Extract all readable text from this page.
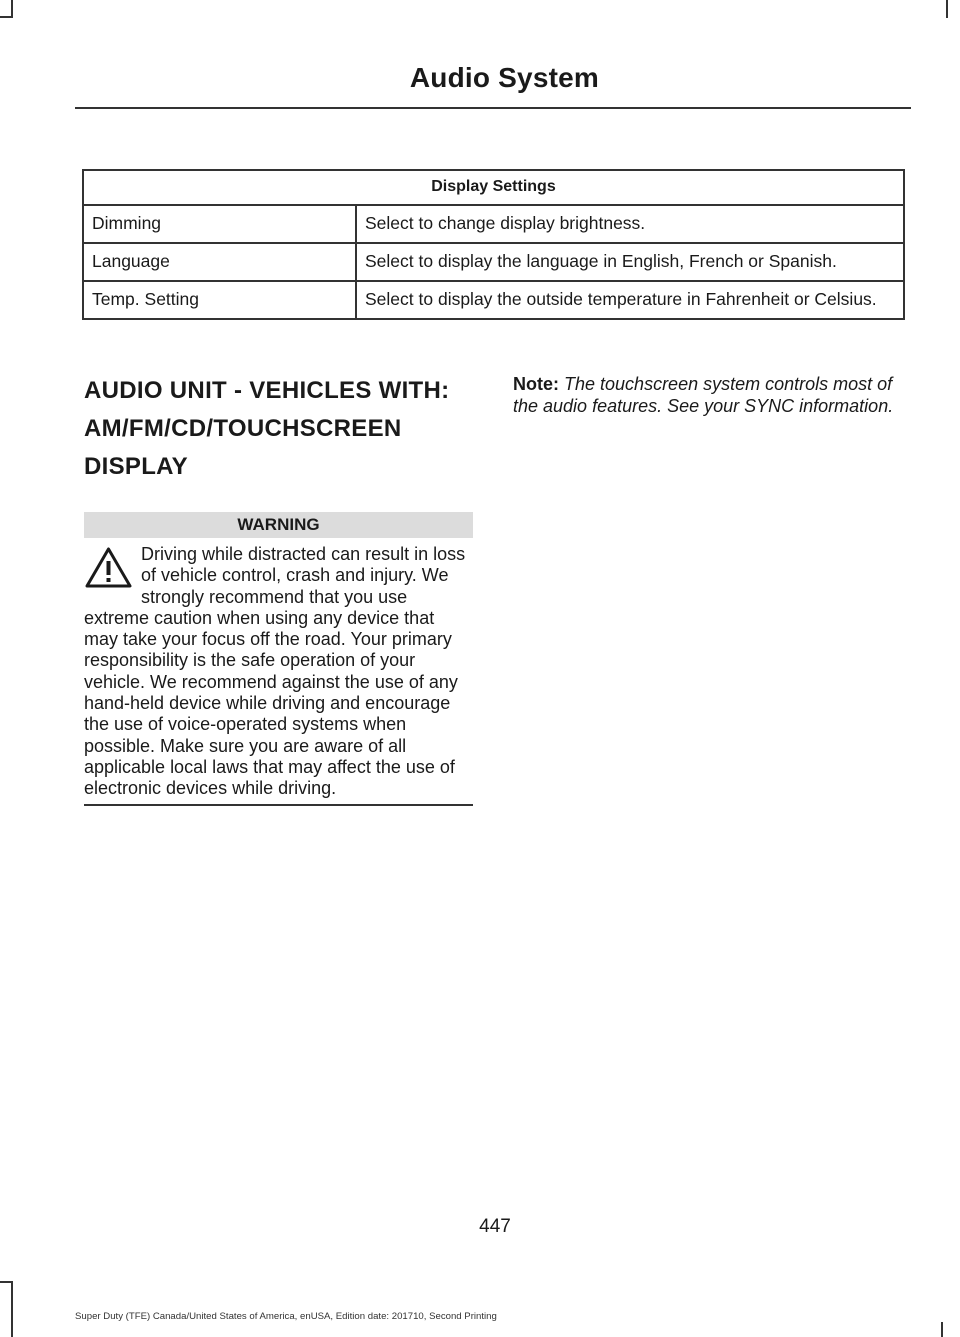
Audio System
Display Settings	
Dimming	Select to change display brightness.
Language	Select to display the language in English, French or Spanish.
Temp. Setting	Select to display the outside temperature in Fahrenheit or Celsius.
AUDIO UNIT - VEHICLES WITH: AM/FM/CD/TOUCHSCREEN DISPLAY
WARNING

Driving while distracted can result in loss of vehicle control, crash and injury. We strongly recommend that you use extreme caution when using any device that may take your focus off the road. Your primary responsibility is the safe operation of your vehicle. We recommend against the use of any hand-held device while driving and encourage the use of voice-operated systems when possible. Make sure you are aware of all applicable local laws that may affect the use of electronic devices while driving.

Note: The touchscreen system controls most of the audio features. See your SYNC information.

447
Super Duty (TFE) Canada/United States of America, enUSA, Edition date: 201710, Second Printing
